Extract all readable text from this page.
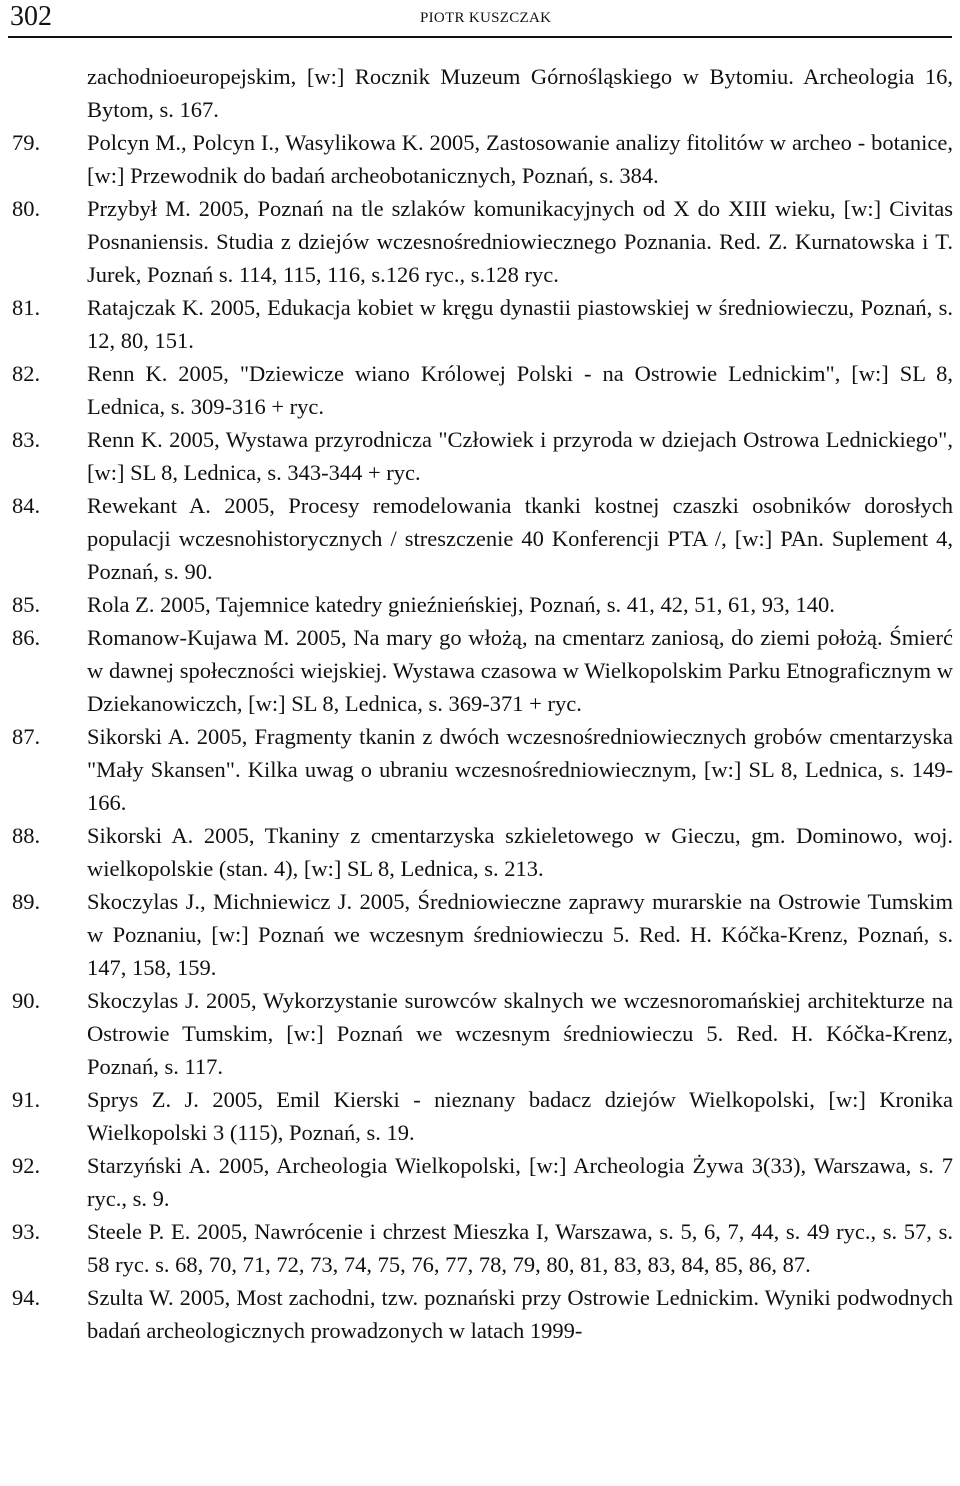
302	PIOTR KUSZCZAK
zachodnioeuropejskim, [w:] Rocznik Muzeum Górnośląskiego w Bytomiu. Archeologia 16, Bytom, s. 167.
79. Polcyn M., Polcyn I., Wasylikowa K. 2005, Zastosowanie analizy fitolitów w archeo - botanice, [w:] Przewodnik do badań archeobotanicznych, Poznań, s. 384.
80. Przybył M. 2005, Poznań na tle szlaków komunikacyjnych od X do XIII wieku, [w:] Civitas Posnaniensis. Studia z dziejów wczesnośredniowiecznego Poznania. Red. Z. Kurnatowska i T. Jurek, Poznań s. 114, 115, 116, s.126 ryc., s.128 ryc.
81. Ratajczak K. 2005, Edukacja kobiet w kręgu dynastii piastowskiej w średniowieczu, Poznań, s. 12, 80, 151.
82. Renn K. 2005, "Dziewicze wiano Królowej Polski - na Ostrowie Lednickim", [w:] SL 8, Lednica, s. 309-316 + ryc.
83. Renn K. 2005, Wystawa przyrodnicza "Człowiek i przyroda w dziejach Ostrowa Lednickiego", [w:] SL 8, Lednica, s. 343-344 + ryc.
84. Rewekant A. 2005, Procesy remodelowania tkanki kostnej czaszki osobników dorosłych populacji wczesnohistorycznych / streszczenie 40 Konferencji PTA /, [w:] PAn. Suplement 4, Poznań, s. 90.
85. Rola Z. 2005, Tajemnice katedry gnieźnieńskiej, Poznań, s. 41, 42, 51, 61, 93, 140.
86. Romanow-Kujawa M. 2005, Na mary go włożą, na cmentarz zaniosą, do ziemi położą. Śmierć w dawnej społeczności wiejskiej. Wystawa czasowa w Wielkopolskim Parku Etnograficznym w Dziekanowiczch, [w:] SL 8, Lednica, s. 369-371 + ryc.
87. Sikorski A. 2005, Fragmenty tkanin z dwóch wczesnośredniowiecznych grobów cmentarzyska "Mały Skansen". Kilka uwag o ubraniu wczesnośredniowiecznym, [w:] SL 8, Lednica, s. 149-166.
88. Sikorski A. 2005, Tkaniny z cmentarzyska szkieletowego w Gieczu, gm. Dominowo, woj. wielkopolskie (stan. 4), [w:] SL 8, Lednica, s. 213.
89. Skoczylas J., Michniewicz J. 2005, Średniowieczne zaprawy murarskie na Ostrowie Tumskim w Poznaniu, [w:] Poznań we wczesnym średniowieczu 5. Red. H. Kóčka-Krenz, Poznań, s. 147, 158, 159.
90. Skoczylas J. 2005, Wykorzystanie surowców skalnych we wczesnoromańskiej architekturze na Ostrowie Tumskim, [w:] Poznań we wczesnym średniowieczu 5. Red. H. Kóčka-Krenz, Poznań, s. 117.
91. Sprys Z. J. 2005, Emil Kierski - nieznany badacz dziejów Wielkopolski, [w:] Kronika Wielkopolski 3 (115), Poznań, s. 19.
92. Starzyński A. 2005, Archeologia Wielkopolski, [w:] Archeologia Żywa 3(33), Warszawa, s. 7 ryc., s. 9.
93. Steele P. E. 2005, Nawrócenie i chrzest Mieszka I, Warszawa, s. 5, 6, 7, 44, s. 49 ryc., s. 57, s. 58 ryc. s. 68, 70, 71, 72, 73, 74, 75, 76, 77, 78, 79, 80, 81, 83, 83, 84, 85, 86, 87.
94. Szulta W. 2005, Most zachodni, tzw. poznański przy Ostrowie Lednickim. Wyniki podwodnych badań archeologicznych prowadzonych w latach 1999-
